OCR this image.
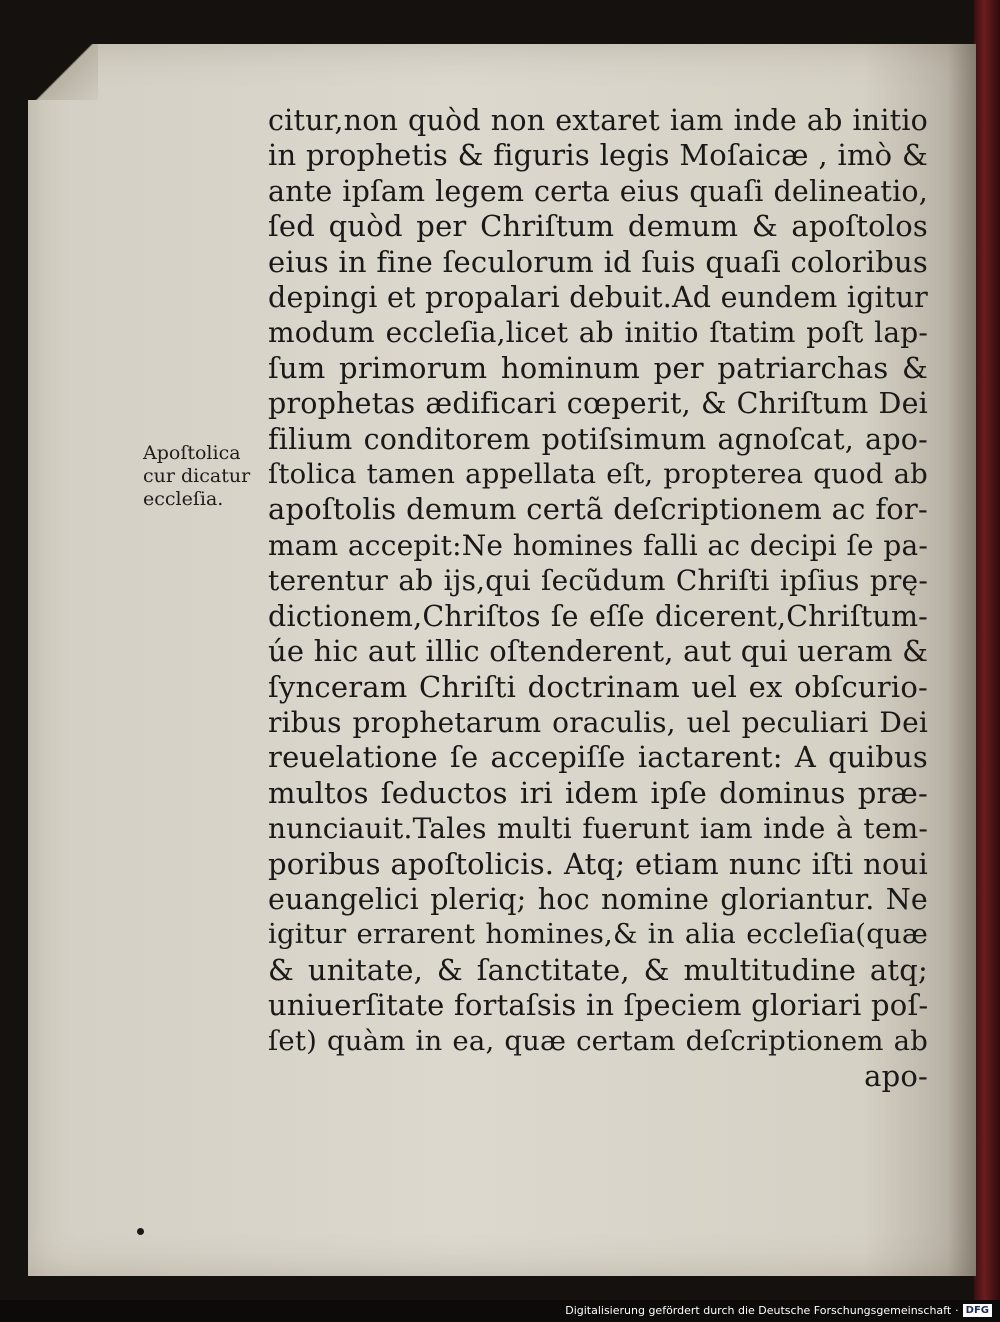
Apoſtolica
cur dicatur
eccleſia.
citur,non quòd non extaret iam inde ab initio
in prophetis & figuris legis Moſaicæ , imò &
ante ipſam legem certa eius quaſi delineatio,
ſed quòd per Chriſtum demum & apoſtolos
eius in fine ſeculorum id ſuis quaſi coloribus
depingi et propalari debuit.Ad eundem igitur
modum eccleſia,licet ab initio ſtatim poſt lap-
ſum primorum hominum per patriarchas &
prophetas ædificari cœperit, & Chriſtum Dei
filium conditorem potiſsimum agnoſcat, apo-
ſtolica tamen appellata eſt, propterea quod ab
apoſtolis demum certã deſcriptionem ac for-
mam accepit:Ne homines falli ac decipi ſe pa-
terentur ab ijs,qui ſecũdum Chriſti ipſius prę-
dictionem,Chriſtos ſe eſſe dicerent,Chriſtum-
úe hic aut illic oſtenderent, aut qui ueram &
ſynceram Chriſti doctrinam uel ex obſcurio-
ribus prophetarum oraculis, uel peculiari Dei
reuelatione ſe accepiſſe iactarent: A quibus
multos ſeductos iri idem ipſe dominus præ-
nunciauit.Tales multi fuerunt iam inde à tem-
poribus apoſtolicis. Atq; etiam nunc iſti noui
euangelici pleriq; hoc nomine gloriantur. Ne
igitur errarent homines,& in alia eccleſia(quæ
& unitate, & ſanctitate, & multitudine atq;
uniuerſitate fortaſsis in ſpeciem gloriari poſ-
ſet) quàm in ea, quæ certam deſcriptionem ab
apo-
Digitalisierung gefördert durch die Deutsche Forschungsgemeinschaft · DFG
